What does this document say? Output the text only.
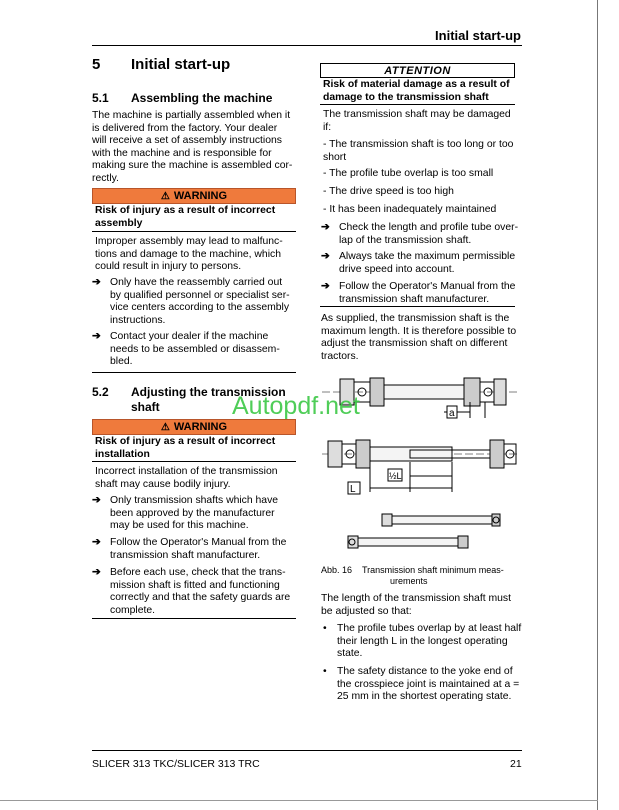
Initial start-up
5 Initial start-up
5.1 Assembling the machine
The machine is partially assembled when it
is delivered from the factory. Your dealer
will receive a set of assembly instructions
with the machine and is responsible for
making sure the machine is assembled cor-
rectly.
⚠ WARNING
Risk of injury as a result of incorrect
assembly
Improper assembly may lead to malfunc-
tions and damage to the machine, which
could result in injury to persons.
➔ Only have the reassembly carried out
by qualified personnel or specialist ser-
vice centers according to the assembly
instructions.
➔ Contact your dealer if the machine
needs to be assembled or disassem-
bled.
5.2 Adjusting the transmission
shaft
⚠ WARNING
Risk of injury as a result of incorrect
installation
Incorrect installation of the transmission
shaft may cause bodily injury.
➔ Only transmission shafts which have
been approved by the manufacturer
may be used for this machine.
➔ Follow the Operator's Manual from the
transmission shaft manufacturer.
➔ Before each use, check that the trans-
mission shaft is fitted and functioning
correctly and that the safety guards are
complete.
ATTENTION
Risk of material damage as a result of
damage to the transmission shaft
The transmission shaft may be damaged
if:
- The transmission shaft is too long or too
short
- The profile tube overlap is too small
- The drive speed is too high
- It has been inadequately maintained
➔ Check the length and profile tube over-
lap of the transmission shaft.
➔ Always take the maximum permissible
drive speed into account.
➔ Follow the Operator's Manual from the
transmission shaft manufacturer.
As supplied, the transmission shaft is the
maximum length. It is therefore possible to
adjust the transmission shaft on different
tractors.
a
L
½L
Abb. 16 Transmission shaft minimum meas-
urements
The length of the transmission shaft must
be adjusted so that:
• The profile tubes overlap by at least half
their length L in the longest operating
state.
• The safety distance to the yoke end of
the crosspiece joint is maintained at a =
25 mm in the shortest operating state.
Autopdf.net
SLICER 313 TKC/SLICER 313 TRC	21
